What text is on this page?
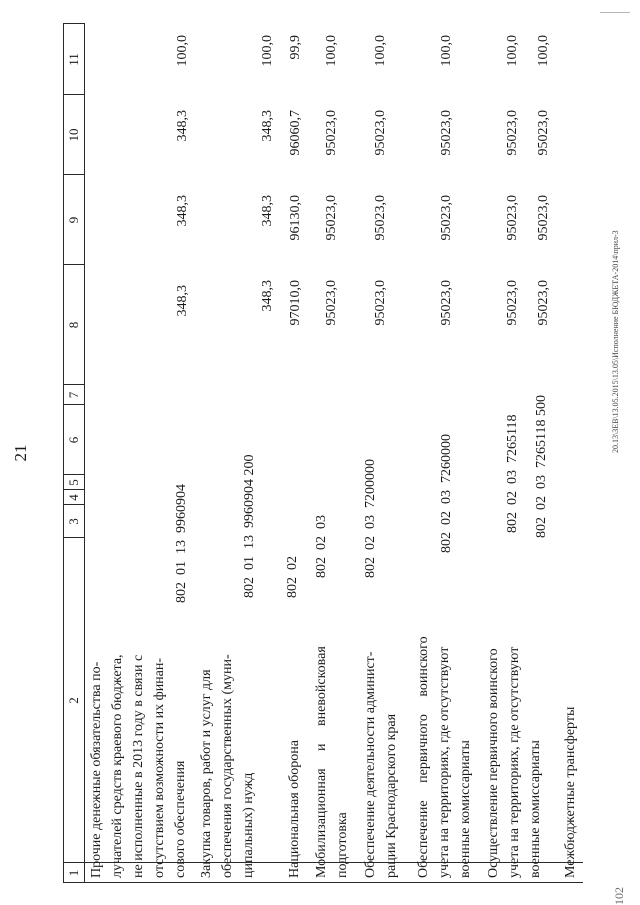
21
1
2
3
4
5
6
7
8
9
10
11
Прочие денежные обязательства по- лучателей средств краевого бюджета, не исполненные в 2013 году в связи с отсутствием возможности их финан- сового обеспечения
802  01  13  9960904
348,3
348,3
348,3
100,0
Закупка товаров, работ и услуг для обеспечения государственных (муни- ципальных) нужд
802  01  13  9960904 200
348,3
348,3
348,3
100,0
Национальная оборона
802  02
97010,0
96130,0
96060,7
99,9
Мобилизационная     и     вневойсковая подготовка
802  02  03
95023,0
95023,0
95023,0
100,0
Обеспечение деятельности админист- рации Краснодарского края
802  02  03  7200000
95023,0
95023,0
95023,0
100,0
Обеспечение     первичного     воинского учета на территориях, где отсутствуют военные комиссариаты
802  02  03  7260000
95023,0
95023,0
95023,0
100,0
Осуществление первичного воинского учета на территориях, где отсутствуют военные комиссариаты
802  02  03  7265118
95023,0
95023,0
95023,0
100,0
Межбюджетные трансферты
802  02  03  7265118 500
95023,0
95023,0
95023,0
100,0
20.13\ЗЕВ\13.05.2015\13.05\Исполнение БЮДЖЕТА-2014\прил-3
102
